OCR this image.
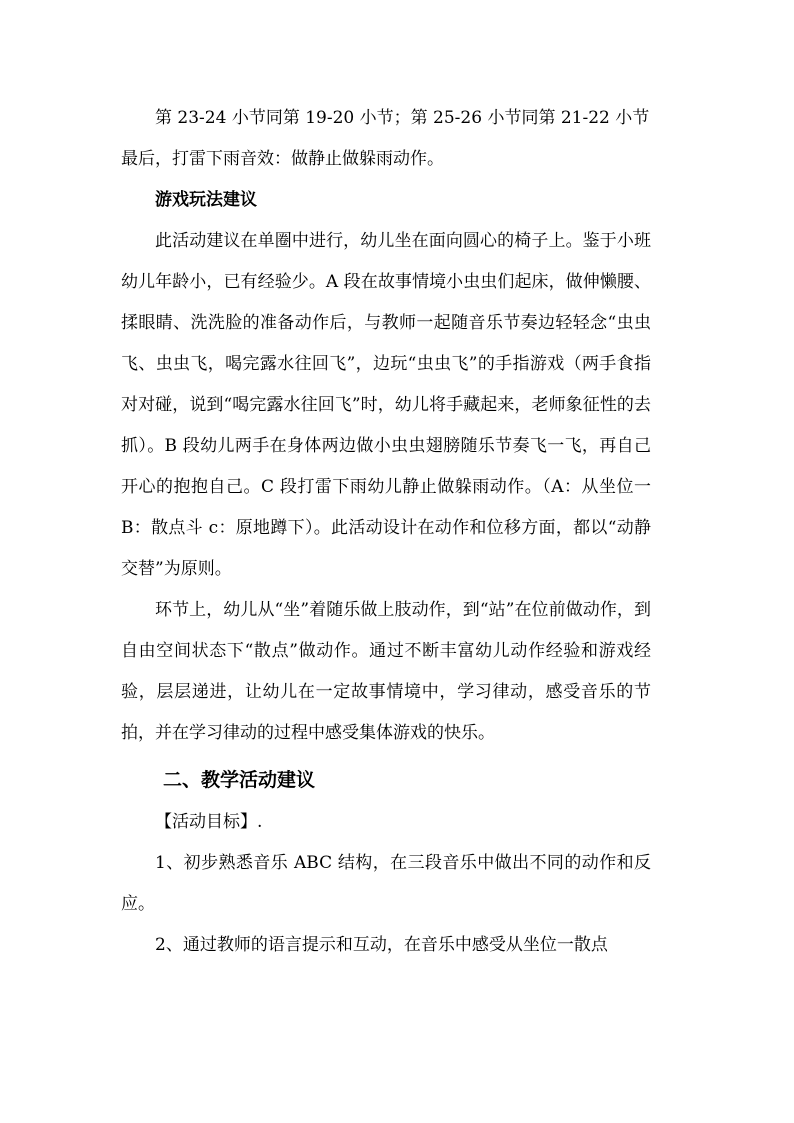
第 23-24 小节同第 19-20 小节；第 25-26 小节同第 21-22 小节

最后，打雷下雨音效：做静止做躲雨动作。

游戏玩法建议

此活动建议在单圈中进行，幼儿坐在面向圆心的椅子上。鉴于小班幼儿年龄小，已有经验少。A 段在故事情境小虫虫们起床，做伸懒腰、揉眼睛、洗洗脸的准备动作后，与教师一起随音乐节奏边轻轻念“虫虫飞、虫虫飞，喝完露水往回飞”，边玩“虫虫飞”的手指游戏（两手食指对对碰，说到“喝完露水往回飞”时，幼儿将手藏起来，老师象征性的去抓）。B 段幼儿两手在身体两边做小虫虫翅膀随乐节奏飞一飞，再自己开心的抱抱自己。C 段打雷下雨幼儿静止做躲雨动作。（A：从坐位一 B：散点斗 c：原地蹲下）。此活动设计在动作和位移方面，都以“动静交替”为原则。

环节上，幼儿从“坐”着随乐做上肢动作，到“站”在位前做动作，到自由空间状态下“散点”做动作。通过不断丰富幼儿动作经验和游戏经验，层层递进，让幼儿在一定故事情境中，学习律动，感受音乐的节拍，并在学习律动的过程中感受集体游戏的快乐。

二、教学活动建议

【活动目标】.

1、初步熟悉音乐 ABC 结构，在三段音乐中做出不同的动作和反应。

2、通过教师的语言提示和互动，在音乐中感受从坐位一散点
